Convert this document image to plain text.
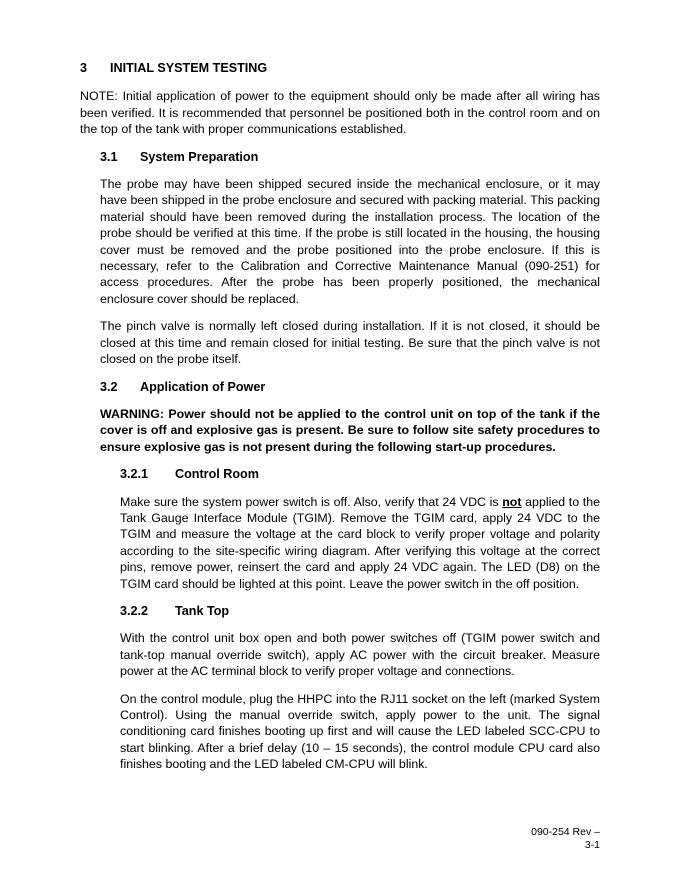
3	INITIAL SYSTEM TESTING

NOTE: Initial application of power to the equipment should only be made after all wiring has been verified. It is recommended that personnel be positioned both in the control room and on the top of the tank with proper communications established.

3.1	System Preparation

The probe may have been shipped secured inside the mechanical enclosure, or it may have been shipped in the probe enclosure and secured with packing material. This packing material should have been removed during the installation process. The location of the probe should be verified at this time. If the probe is still located in the housing, the housing cover must be removed and the probe positioned into the probe enclosure. If this is necessary, refer to the Calibration and Corrective Maintenance Manual (090-251) for access procedures. After the probe has been properly positioned, the mechanical enclosure cover should be replaced.

The pinch valve is normally left closed during installation. If it is not closed, it should be closed at this time and remain closed for initial testing. Be sure that the pinch valve is not closed on the probe itself.

3.2	Application of Power

WARNING: Power should not be applied to the control unit on top of the tank if the cover is off and explosive gas is present. Be sure to follow site safety procedures to ensure explosive gas is not present during the following start-up procedures.

3.2.1	Control Room

Make sure the system power switch is off. Also, verify that 24 VDC is not applied to the Tank Gauge Interface Module (TGIM). Remove the TGIM card, apply 24 VDC to the TGIM and measure the voltage at the card block to verify proper voltage and polarity according to the site-specific wiring diagram. After verifying this voltage at the correct pins, remove power, reinsert the card and apply 24 VDC again. The LED (D8) on the TGIM card should be lighted at this point. Leave the power switch in the off position.

3.2.2	Tank Top

With the control unit box open and both power switches off (TGIM power switch and tank-top manual override switch), apply AC power with the circuit breaker. Measure power at the AC terminal block to verify proper voltage and connections.

On the control module, plug the HHPC into the RJ11 socket on the left (marked System Control). Using the manual override switch, apply power to the unit. The signal conditioning card finishes booting up first and will cause the LED labeled SCC-CPU to start blinking. After a brief delay (10 – 15 seconds), the control module CPU card also finishes booting and the LED labeled CM-CPU will blink.

090-254 Rev –
3-1
